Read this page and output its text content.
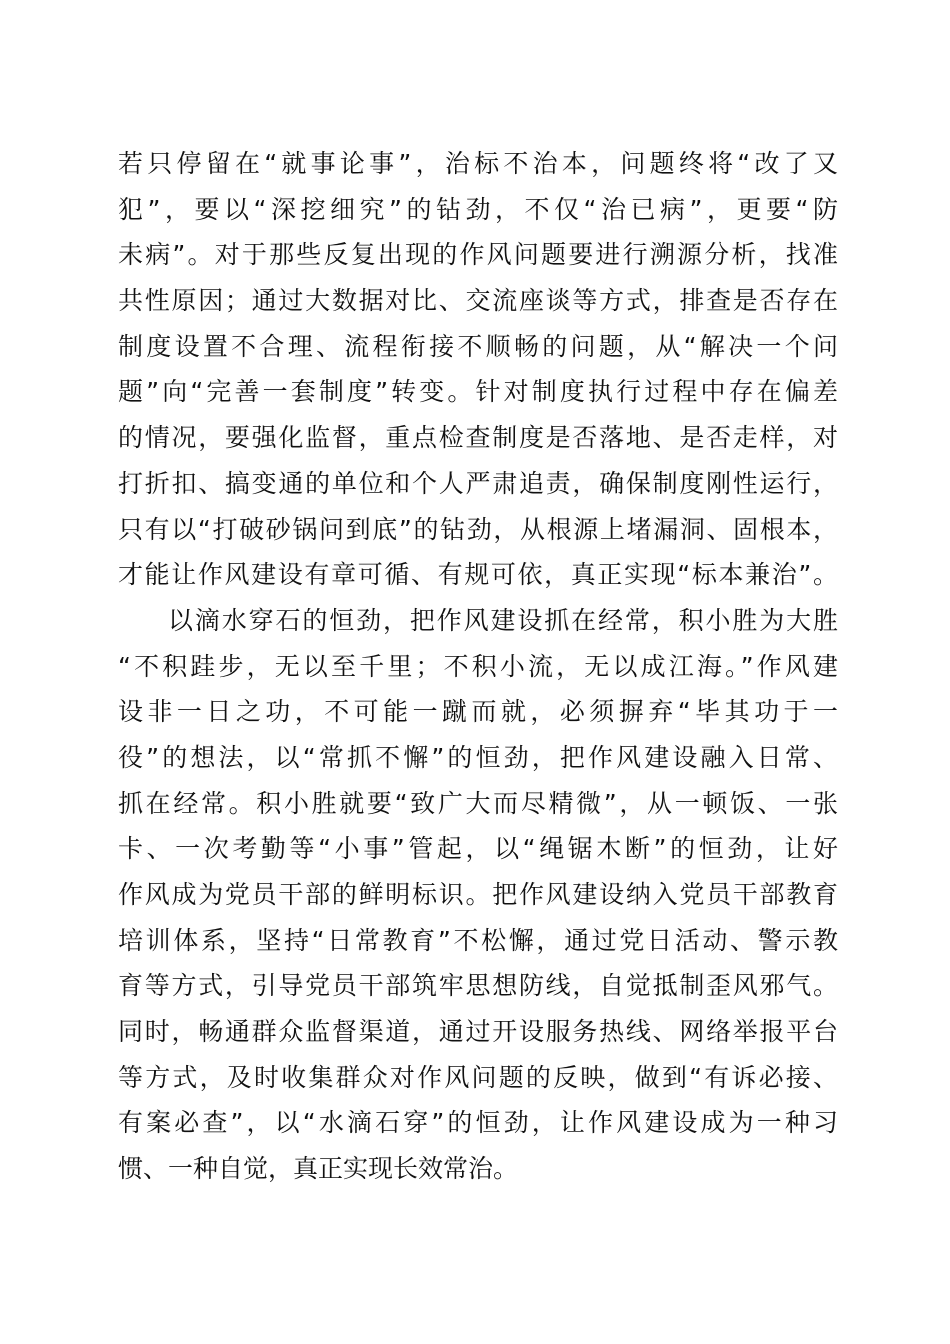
若只停留在“就事论事”，治标不治本，问题终将“改了又
犯”，要以“深挖细究”的钻劲，不仅“治已病”，更要“防
未病”。对于那些反复出现的作风问题要进行溯源分析，找准
共性原因；通过大数据对比、交流座谈等方式，排查是否存在
制度设置不合理、流程衔接不顺畅的问题，从“解决一个问
题”向“完善一套制度”转变。针对制度执行过程中存在偏差
的情况，要强化监督，重点检查制度是否落地、是否走样，对
打折扣、搞变通的单位和个人严肃追责，确保制度刚性运行，
只有以“打破砂锅问到底”的钻劲，从根源上堵漏洞、固根本，
才能让作风建设有章可循、有规可依，真正实现“标本兼治”。
以滴水穿石的恒劲，把作风建设抓在经常，积小胜为大胜
“不积跬步，无以至千里；不积小流，无以成江海。”作风建
设非一日之功，不可能一蹴而就，必须摒弃“毕其功于一
役”的想法，以“常抓不懈”的恒劲，把作风建设融入日常、
抓在经常。积小胜就要“致广大而尽精微”，从一顿饭、一张
卡、一次考勤等“小事”管起，以“绳锯木断”的恒劲，让好
作风成为党员干部的鲜明标识。把作风建设纳入党员干部教育
培训体系，坚持“日常教育”不松懈，通过党日活动、警示教
育等方式，引导党员干部筑牢思想防线，自觉抵制歪风邪气。
同时，畅通群众监督渠道，通过开设服务热线、网络举报平台
等方式，及时收集群众对作风问题的反映，做到“有诉必接、
有案必查”，以“水滴石穿”的恒劲，让作风建设成为一种习
惯、一种自觉，真正实现长效常治。
